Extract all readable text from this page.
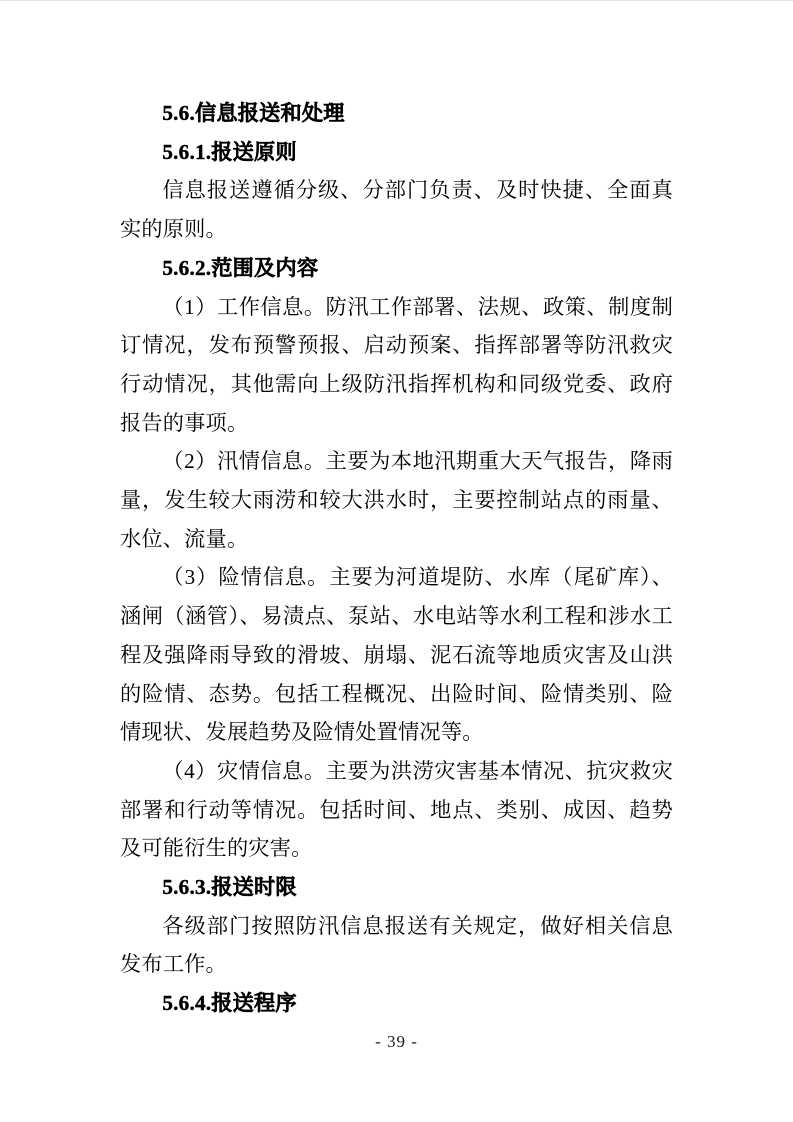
5.6.信息报送和处理
5.6.1.报送原则
信息报送遵循分级、分部门负责、及时快捷、全面真实的原则。
5.6.2.范围及内容
（1）工作信息。防汛工作部署、法规、政策、制度制订情况，发布预警预报、启动预案、指挥部署等防汛救灾行动情况，其他需向上级防汛指挥机构和同级党委、政府报告的事项。
（2）汛情信息。主要为本地汛期重大天气报告，降雨量，发生较大雨涝和较大洪水时，主要控制站点的雨量、水位、流量。
（3）险情信息。主要为河道堤防、水库（尾矿库）、涵闸（涵管）、易渍点、泵站、水电站等水利工程和涉水工程及强降雨导致的滑坡、崩塌、泥石流等地质灾害及山洪的险情、态势。包括工程概况、出险时间、险情类别、险情现状、发展趋势及险情处置情况等。
（4）灾情信息。主要为洪涝灾害基本情况、抗灾救灾部署和行动等情况。包括时间、地点、类别、成因、趋势及可能衍生的灾害。
5.6.3.报送时限
各级部门按照防汛信息报送有关规定，做好相关信息发布工作。
5.6.4.报送程序
- 39 -
